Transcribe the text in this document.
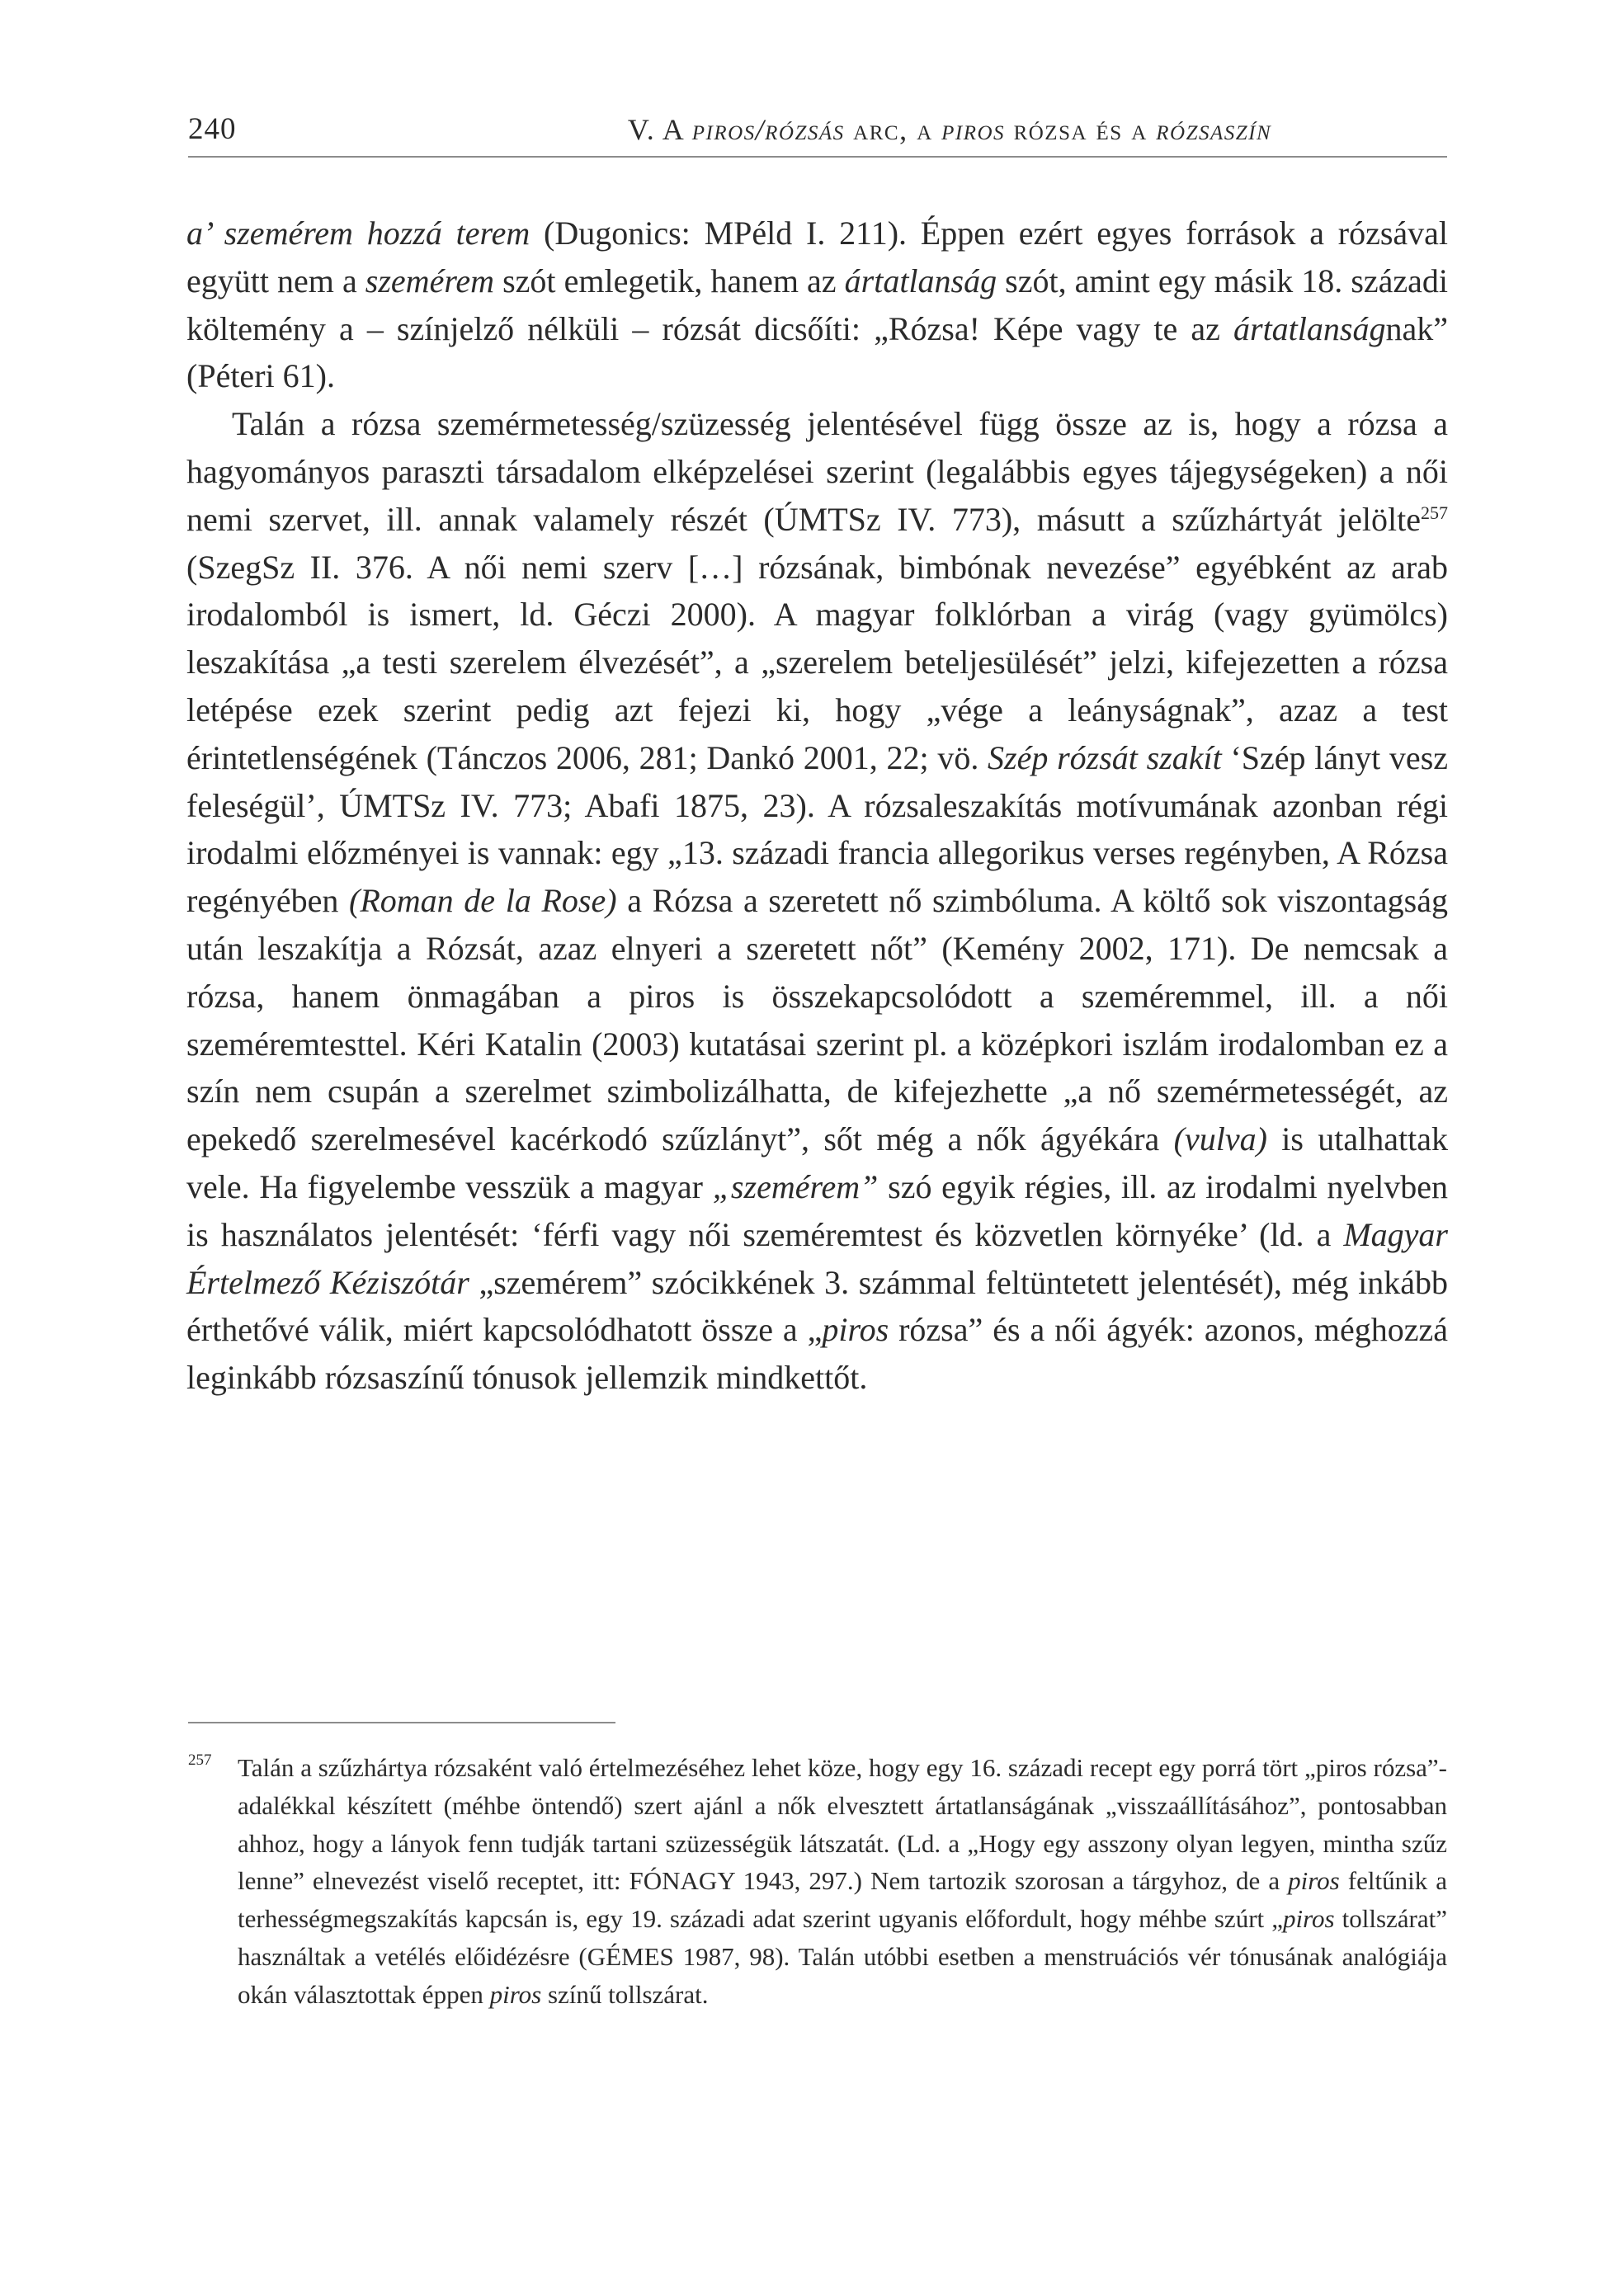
240	V. A piros/rózsás arc, a piros rózsa és a rózsaszín

a’ szemérem hozzá terem (Dugonics: MPéld I. 211). Éppen ezért egyes források a rózsával együtt nem a szemérem szót emlegetik, hanem az ártatlanság szót, amint egy másik 18. századi költemény a – színjelző nélküli – rózsát dicsőíti: „Rózsa! Képe vagy te az ártatlanságnak” (Péteri 61).

Talán a rózsa szemérmetesség/szüzesség jelentésével függ össze az is, hogy a rózsa a hagyományos paraszti társadalom elképzelései szerint (legalábbis egyes tájegységeken) a női nemi szervet, ill. annak valamely részét (ÚMTSz IV. 773), másutt a szűzhártyát jelölte$^{257}$ (SzegSz II. 376. A női nemi szerv […] rózsának, bimbónak nevezése” egyébként az arab irodalomból is ismert, ld. Géczi 2000). A magyar folklórban a virág (vagy gyümölcs) leszakítása „a testi szerelem élvezését”, a „szerelem beteljesülését” jelzi, kifejezetten a rózsa letépése ezek szerint pedig azt fejezi ki, hogy „vége a leányságnak”, azaz a test érintetlenségének (Tánczos 2006, 281; Dankó 2001, 22; vö. Szép rózsát szakít ‘Szép lányt vesz feleségül’, ÚMTSz IV. 773; Abafi 1875, 23). A rózsaleszakítás motívumának azonban régi irodalmi előzményei is vannak: egy „13. századi francia allegorikus verses regényben, A Rózsa regényében (Roman de la Rose) a Rózsa a szeretett nő szimbóluma. A költő sok viszontagság után leszakítja a Rózsát, azaz elnyeri a szeretett nőt” (Kemény 2002, 171). De nemcsak a rózsa, hanem önmagában a piros is összekapcsolódott a szeméremmel, ill. a női szeméremtesttel. Kéri Katalin (2003) kutatásai szerint pl. a középkori iszlám irodalomban ez a szín nem csupán a szerelmet szimbolizálhatta, de kifejezhette „a nő szemérmetességét, az epekedő szerelmesével kacérkodó szűzlányt”, sőt még a nők ágyékára (vulva) is utalhattak vele. Ha figyelembe vesszük a magyar „szemérem” szó egyik régies, ill. az irodalmi nyelvben is használatos jelentését: ‘férfi vagy női szeméremtest és közvetlen környéke’ (ld. a Magyar Értelmező Kéziszótár „szemérem” szócikkének 3. számmal feltüntetett jelentését), még inkább érthetővé válik, miért kapcsolódhatott össze a „piros rózsa” és a női ágyék: azonos, méghozzá leginkább rózsaszínű tónusok jellemzik mindkettőt.

257 Talán a szűzhártya rózsaként való értelmezéséhez lehet köze, hogy egy 16. századi recept egy porrá tört „piros rózsa”-adalékkal készített (méhbe öntendő) szert ajánl a nők elvesztett ártatlanságának „visszaállításához”, pontosabban ahhoz, hogy a lányok fenn tudják tartani szüzességük látszatát. (Ld. a „Hogy egy asszony olyan legyen, mintha szűz lenne” elnevezést viselő receptet, itt: FÓNAGY 1943, 297.) Nem tartozik szorosan a tárgyhoz, de a piros feltűnik a terhességmegszakítás kapcsán is, egy 19. századi adat szerint ugyanis előfordult, hogy méhbe szúrt „piros tollszárat” használtak a vetélés előidézésre (GÉMES 1987, 98). Talán utóbbi esetben a menstruációs vér tónusának analógiája okán választottak éppen piros színű tollszárat.
